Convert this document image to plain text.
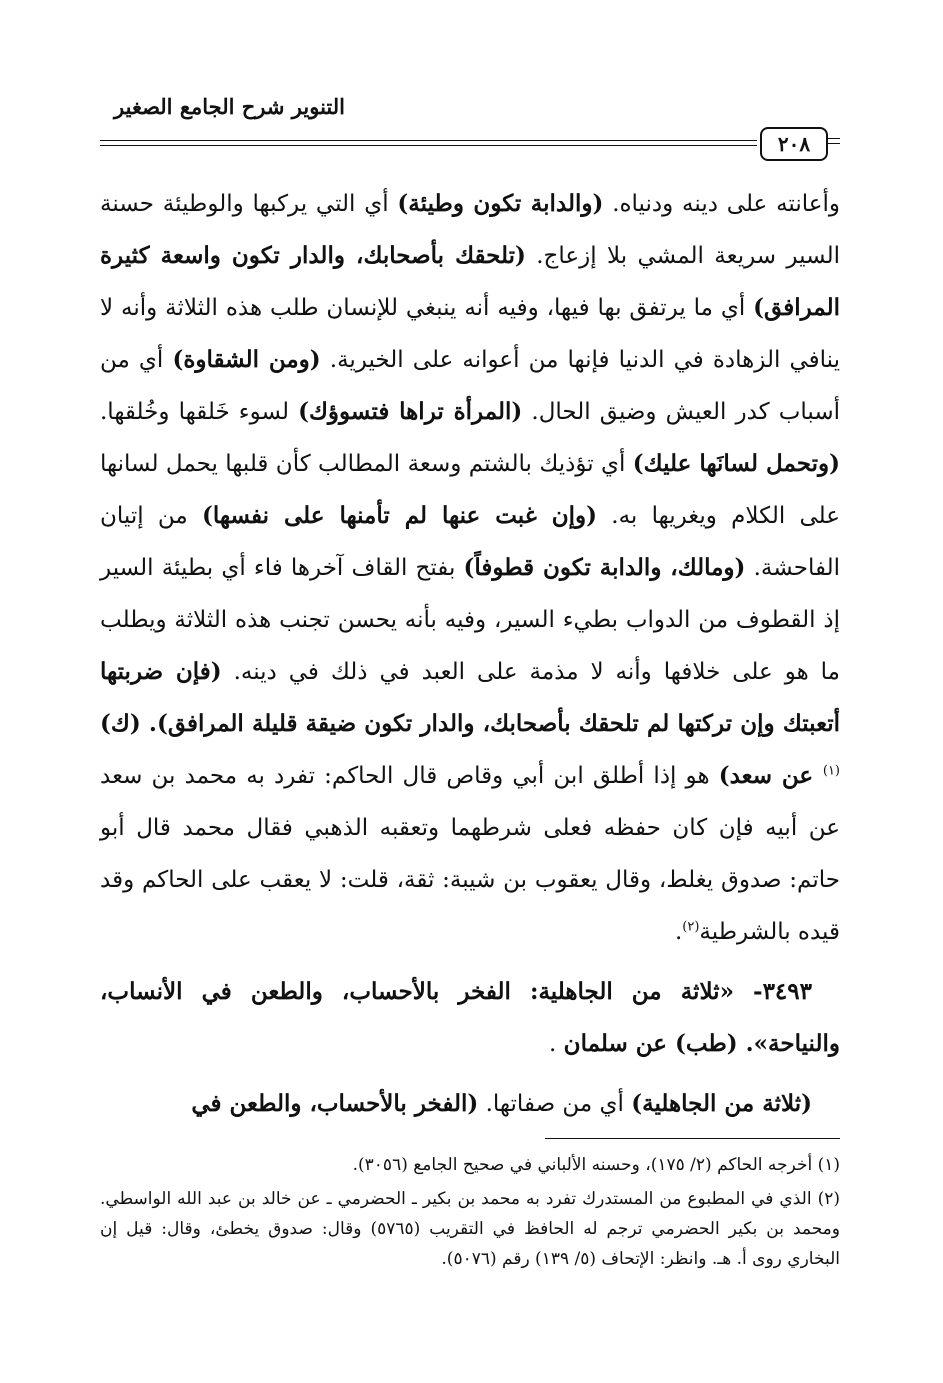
التنوير شرح الجامع الصغير
٢٠٨

وأعانته على دينه ودنياه. (والدابة تكون وطيئة) أي التي يركبها والوطيئة حسنة السير سريعة المشي بلا إزعاج. (تلحقك بأصحابك، والدار تكون واسعة كثيرة المرافق) أي ما يرتفق بها فيها، وفيه أنه ينبغي للإنسان طلب هذه الثلاثة وأنه لا ينافي الزهادة في الدنيا فإنها من أعوانه على الخيرية. (ومن الشقاوة) أي من أسباب كدر العيش وضيق الحال. (المرأة تراها فتسوؤك) لسوء خَلقها وخُلقها. (وتحمل لسانَها عليك) أي تؤذيك بالشتم وسعة المطالب كأن قلبها يحمل لسانها على الكلام ويغريها به. (وإن غبت عنها لم تأمنها على نفسها) من إتيان الفاحشة. (ومالك، والدابة تكون قطوفاً) بفتح القاف آخرها فاء أي بطيئة السير إذ القطوف من الدواب بطيء السير، وفيه بأنه يحسن تجنب هذه الثلاثة ويطلب ما هو على خلافها وأنه لا مذمة على العبد في ذلك في دينه. (فإن ضربتها أتعبتك وإن تركتها لم تلحقك بأصحابك، والدار تكون ضيقة قليلة المرافق). (ك)$^{(١)}$ عن سعد) هو إذا أطلق ابن أبي وقاص قال الحاكم: تفرد به محمد بن سعد عن أبيه فإن كان حفظه فعلى شرطهما وتعقبه الذهبي فقال محمد قال أبو حاتم: صدوق يغلط، وقال يعقوب بن شيبة: ثقة، قلت: لا يعقب على الحاكم وقد قيده بالشرطية$^{(٢)}$.

٣٤٩٣- «ثلاثة من الجاهلية: الفخر بالأحساب، والطعن في الأنساب، والنياحة». (طب) عن سلمان .

(ثلاثة من الجاهلية) أي من صفاتها. (الفخر بالأحساب، والطعن في

(١) أخرجه الحاكم (٢/ ١٧٥)، وحسنه الألباني في صحيح الجامع (٣٠٥٦).

(٢) الذي في المطبوع من المستدرك تفرد به محمد بن بكير ـ الحضرمي ـ عن خالد بن عبد الله الواسطي. ومحمد بن بكير الحضرمي ترجم له الحافظ في التقريب (٥٧٦٥) وقال: صدوق يخطئ، وقال: قيل إن البخاري روى أ. هـ. وانظر: الإتحاف (٥/ ١٣٩) رقم (٥٠٧٦).
